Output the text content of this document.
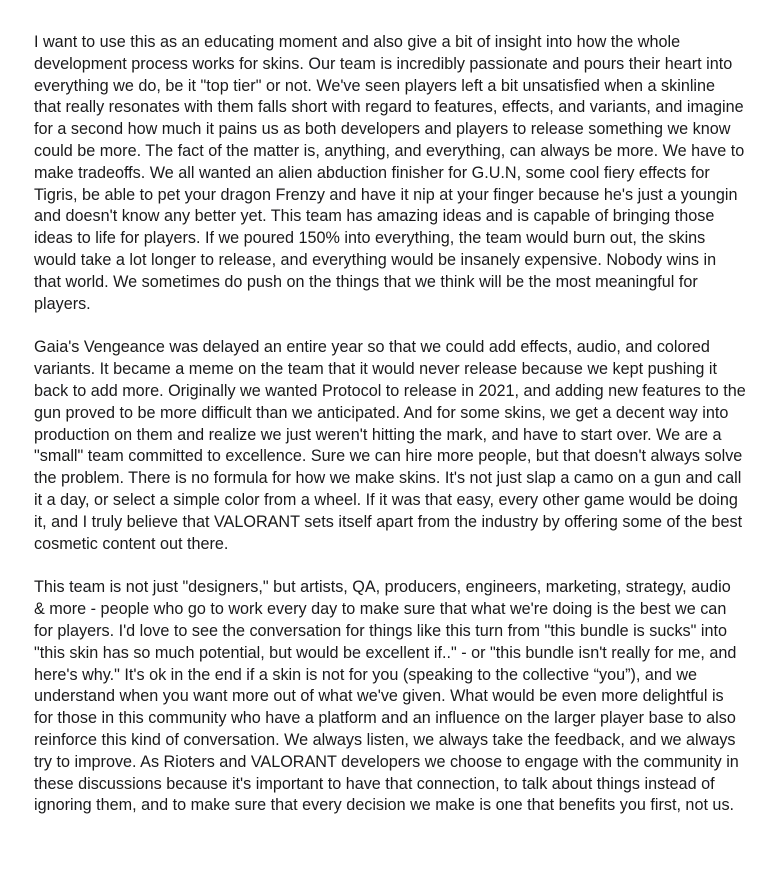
I want to use this as an educating moment and also give a bit of insight into how the whole development process works for skins. Our team is incredibly passionate and pours their heart into everything we do, be it "top tier" or not. We've seen players left a bit unsatisfied when a skinline that really resonates with them falls short with regard to features, effects, and variants, and imagine for a second how much it pains us as both developers and players to release something we know could be more. The fact of the matter is, anything, and everything, can always be more. We have to make tradeoffs. We all wanted an alien abduction finisher for G.U.N, some cool fiery effects for Tigris, be able to pet your dragon Frenzy and have it nip at your finger because he's just a youngin and doesn't know any better yet. This team has amazing ideas and is capable of bringing those ideas to life for players. If we poured 150% into everything, the team would burn out, the skins would take a lot longer to release, and everything would be insanely expensive. Nobody wins in that world. We sometimes do push on the things that we think will be the most meaningful for players.

Gaia's Vengeance was delayed an entire year so that we could add effects, audio, and colored variants. It became a meme on the team that it would never release because we kept pushing it back to add more. Originally we wanted Protocol to release in 2021, and adding new features to the gun proved to be more difficult than we anticipated. And for some skins, we get a decent way into production on them and realize we just weren't hitting the mark, and have to start over. We are a "small" team committed to excellence. Sure we can hire more people, but that doesn't always solve the problem. There is no formula for how we make skins. It's not just slap a camo on a gun and call it a day, or select a simple color from a wheel. If it was that easy, every other game would be doing it, and I truly believe that VALORANT sets itself apart from the industry by offering some of the best cosmetic content out there.

This team is not just "designers," but artists, QA, producers, engineers, marketing, strategy, audio & more - people who go to work every day to make sure that what we're doing is the best we can for players. I'd love to see the conversation for things like this turn from "this bundle is sucks" into "this skin has so much potential, but would be excellent if.." - or "this bundle isn't really for me, and here's why." It's ok in the end if a skin is not for you (speaking to the collective “you”), and we understand when you want more out of what we've given. What would be even more delightful is for those in this community who have a platform and an influence on the larger player base to also reinforce this kind of conversation. We always listen, we always take the feedback, and we always try to improve. As Rioters and VALORANT developers we choose to engage with the community in these discussions because it's important to have that connection, to talk about things instead of ignoring them, and to make sure that every decision we make is one that benefits you first, not us.
